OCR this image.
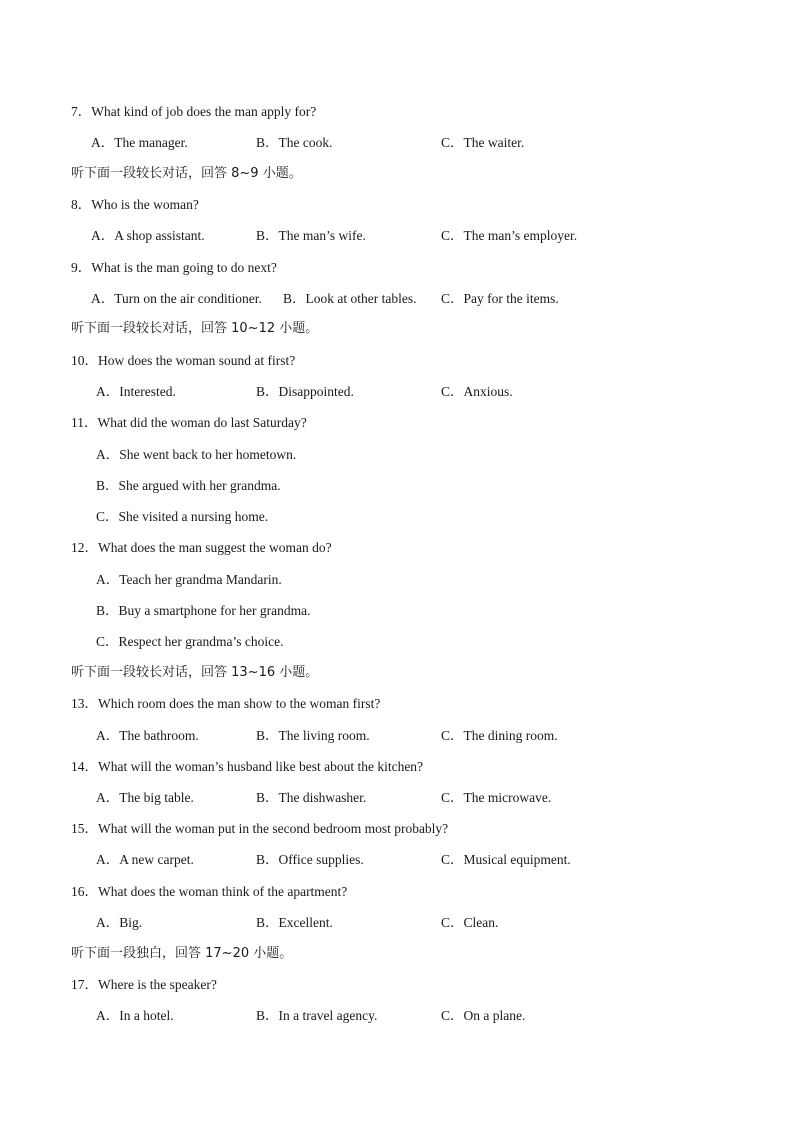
7．What kind of job does the man apply for?
A．The manager.	B．The cook.	C．The waiter.
听下面一段较长对话，回答 8~9 小题。
8．Who is the woman?
A．A shop assistant.	B．The man’s wife.	C．The man’s employer.
9．What is the man going to do next?
A．Turn on the air conditioner. B．Look at other tables. C．Pay for the items.
听下面一段较长对话，回答 10~12 小题。
10．How does the woman sound at first?
A．Interested.	B．Disappointed.	C．Anxious.
11．What did the woman do last Saturday?
A．She went back to her hometown.
B．She argued with her grandma.
C．She visited a nursing home.
12．What does the man suggest the woman do?
A．Teach her grandma Mandarin.
B．Buy a smartphone for her grandma.
C．Respect her grandma’s choice.
听下面一段较长对话，回答 13~16 小题。
13．Which room does the man show to the woman first?
A．The bathroom.	B．The living room.	C．The dining room.
14．What will the woman’s husband like best about the kitchen?
A．The big table.	B．The dishwasher.	C．The microwave.
15．What will the woman put in the second bedroom most probably?
A．A new carpet.	B．Office supplies.	C．Musical equipment.
16．What does the woman think of the apartment?
A．Big.	B．Excellent.	C．Clean.
听下面一段独白，回答 17~20 小题。
17．Where is the speaker?
A．In a hotel.	B．In a travel agency.	C．On a plane.
